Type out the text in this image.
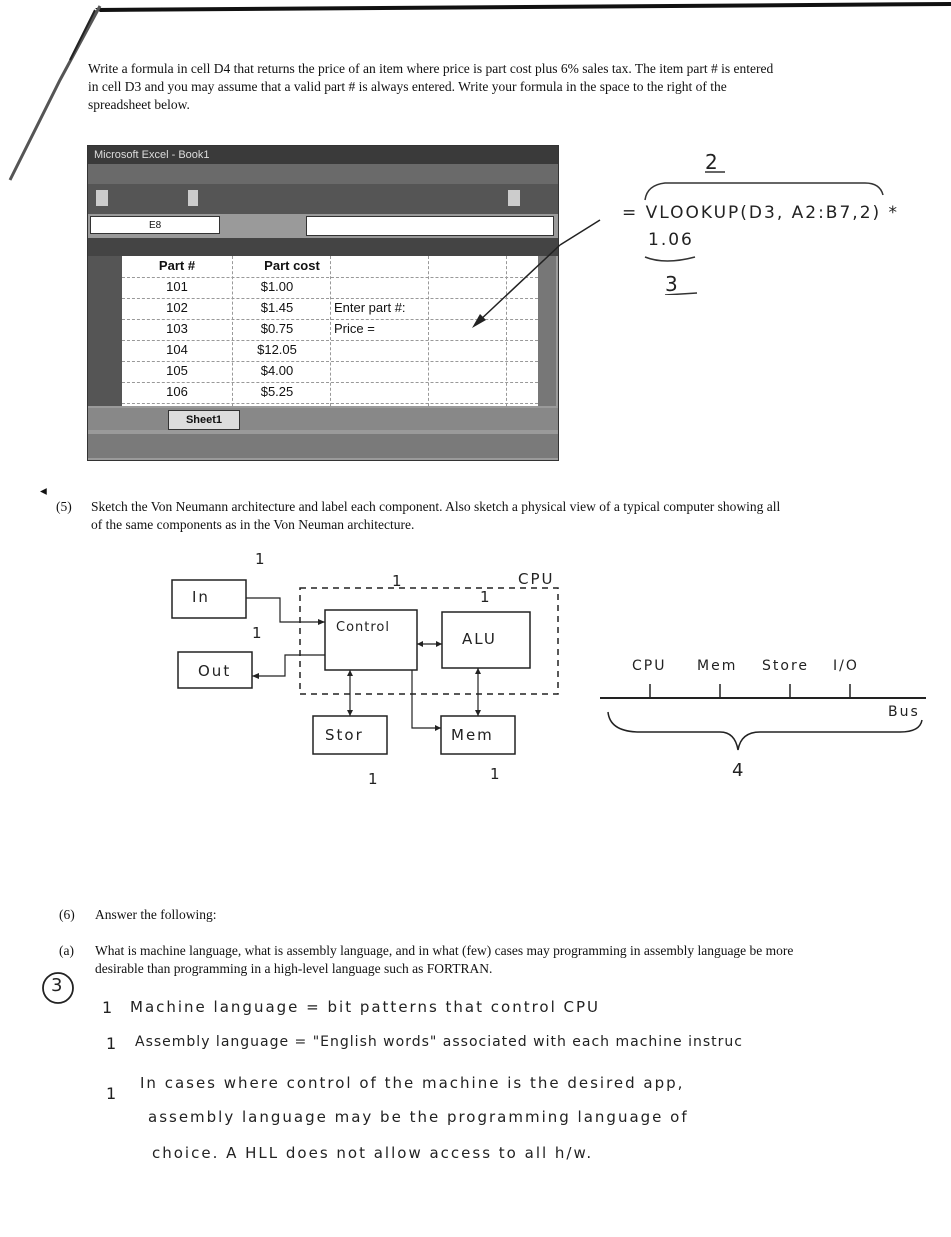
Write a formula in cell D4 that returns the price of an item where price is part cost plus 6% sales tax. The item part # is entered
in cell D3 and you may assume that a valid part # is always entered. Write your formula in the space to the right of the
spreadsheet below.
Microsoft Excel - Book1
E8
Part #	Part cost
101	$1.00
102	$1.45	Enter part #:
103	$0.75	Price =
104	$12.05
105	$4.00
106	$5.25
Sheet1
2
= VLOOKUP(D3, A2:B7,2) *
1.06
3
◂
(5) Sketch the Von Neumann architecture and label each component. Also sketch a physical view of a typical computer showing all
of the same components as in the Von Neuman architecture.
In
Out
Control
ALU
Stor	Mem
CPU
1
1
1
1
1	1
CPU Mem Store I/O
Bus
4
(6) Answer the following:
(a) What is machine language, what is assembly language, and in what (few) cases may programming in assembly language be more
desirable than programming in a high-level language such as FORTRAN.
3
1
1
1
Machine language = bit patterns that control CPU
Assembly language = "English words" associated with each machine instruc
In cases where control of the machine is the desired app,
assembly language may be the programming language of
choice. A HLL does not allow access to all h/w.
